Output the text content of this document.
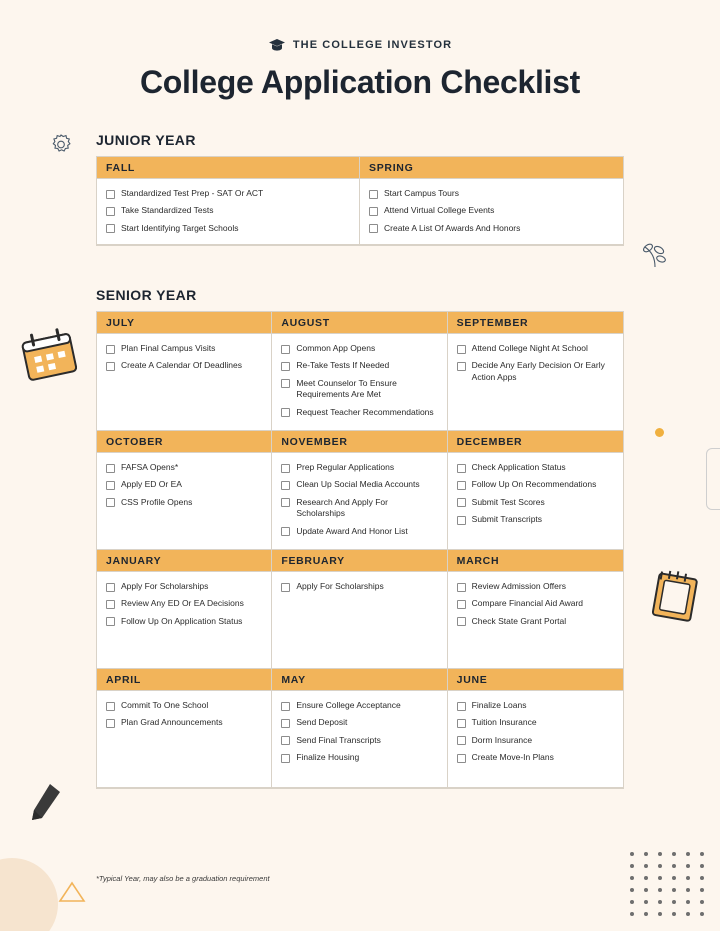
THE COLLEGE INVESTOR
College Application Checklist
JUNIOR YEAR
FALL
Standardized Test Prep - SAT Or ACT
Take Standardized Tests
Start Identifying Target Schools
SPRING
Start Campus Tours
Attend Virtual College Events
Create A List Of Awards And Honors
SENIOR YEAR
JULY
Plan Final Campus Visits
Create A Calendar Of Deadlines
AUGUST
Common App Opens
Re-Take Tests If Needed
Meet Counselor To Ensure Requirements Are Met
Request Teacher Recommendations
SEPTEMBER
Attend College Night At School
Decide Any Early Decision Or Early Action Apps
OCTOBER
FAFSA Opens*
Apply ED Or EA
CSS Profile Opens
NOVEMBER
Prep Regular Applications
Clean Up Social Media Accounts
Research And Apply For Scholarships
Update Award And Honor List
DECEMBER
Check Application Status
Follow Up On Recommendations
Submit Test Scores
Submit Transcripts
JANUARY
Apply For Scholarships
Review Any ED Or EA Decisions
Follow Up On Application Status
FEBRUARY
Apply For Scholarships
MARCH
Review Admission Offers
Compare Financial Aid Award
Check State Grant Portal
APRIL
Commit To One School
Plan Grad Announcements
MAY
Ensure College Acceptance
Send Deposit
Send Final Transcripts
Finalize Housing
JUNE
Finalize Loans
Tuition Insurance
Dorm Insurance
Create Move-In Plans
*Typical Year, may also be a graduation requirement
